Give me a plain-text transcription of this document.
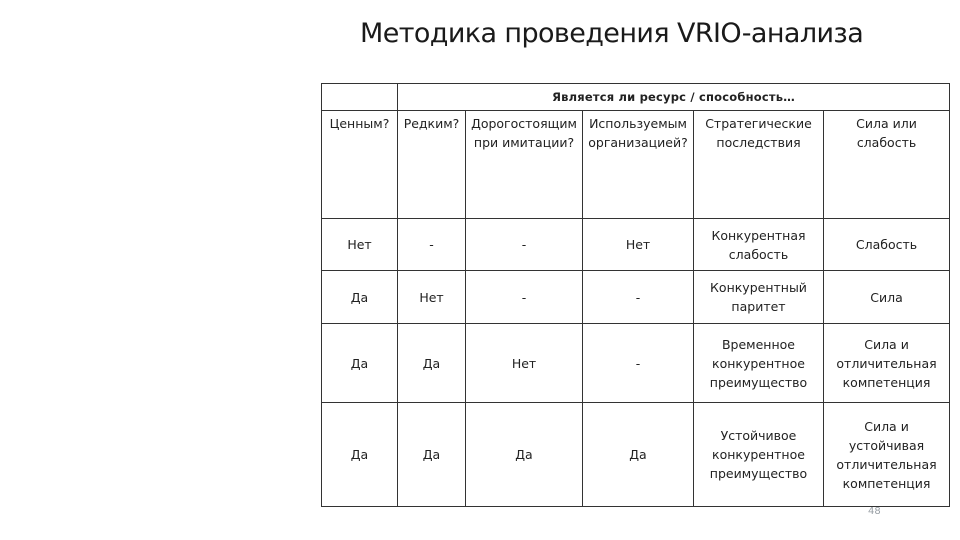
Методика проведения VRIO-анализа
	Является ли ресурс / способность…				
Ценным?	Редким?	Дорогостоящим при имитации?	Используемым организацией?	Стратегические последствия	Сила или слабость
Нет	-	-	Нет	Конкурентная слабость	Слабость
Да	Нет	-	-	Конкурентный паритет	Сила
Да	Да	Нет	-	Временное конкурентное преимущество	Сила и отличительная компетенция
Да	Да	Да	Да	Устойчивое конкурентное преимущество	Сила и устойчивая отличительная компетенция
48
